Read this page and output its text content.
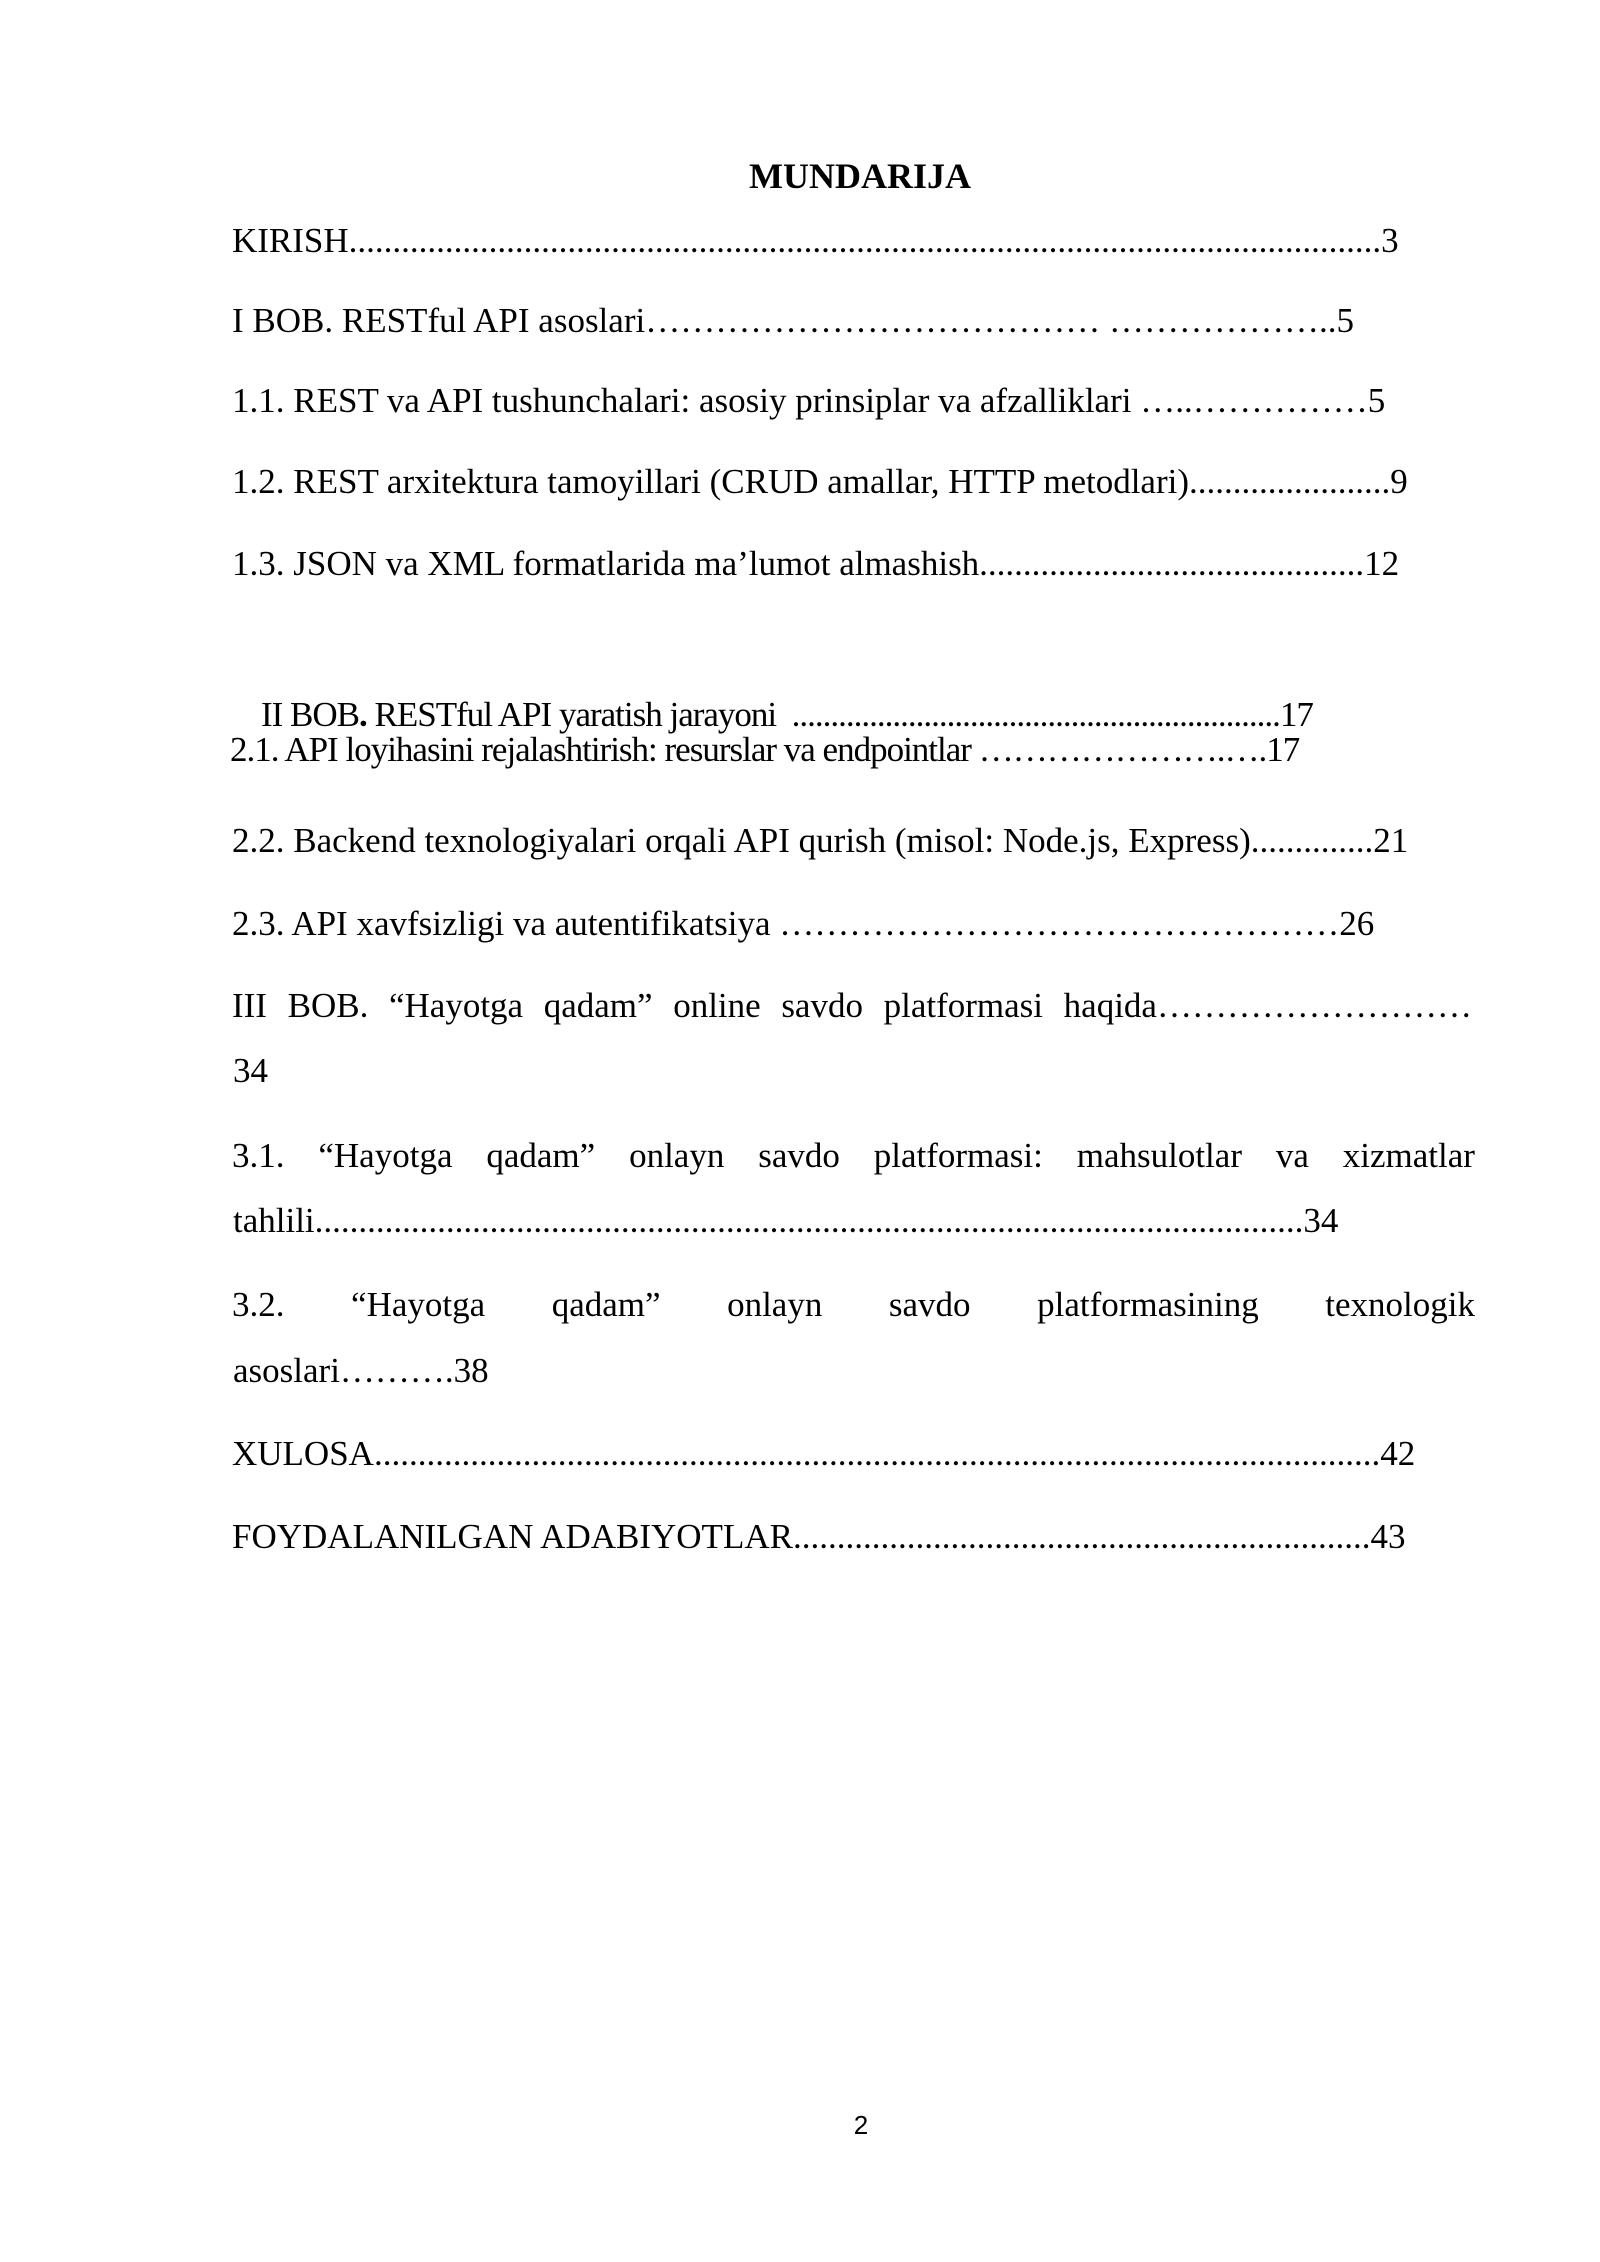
MUNDARIJA
KIRISH......................................................................................................................3
I BOB. RESTful API asoslari………………………………… ………………..5
1.1. REST va API tushunchalari: asosiy prinsiplar va afzalliklari …..……………5
1.2. REST arxitektura tamoyillari (CRUD amallar, HTTP metodlari).......................9
1.3. JSON va XML formatlarida ma’lumot almashish............................................12

II BOB. RESTful API yaratish jarayoni  ...............................................................17

2.1. API loyihasini rejalashtirish: resurslar va endpointlar ………………….….17
2.2. Backend texnologiyalari orqali API qurish (misol: Node.js, Express)..............21
2.3. API xavfsizligi va autentifikatsiya …………………………………………26
III BOB. “Hayotga qadam” online savdo platformasi haqida………………………
34
3.1. “Hayotga qadam” onlayn savdo platformasi: mahsulotlar va xizmatlar
tahlili.................................................................................................................34
3.2. “Hayotga qadam” onlayn savdo platformasining texnologik
asoslari……….38
XULOSA...................................................................................................................42
FOYDALANILGAN ADABIYOTLAR..................................................................43
2
